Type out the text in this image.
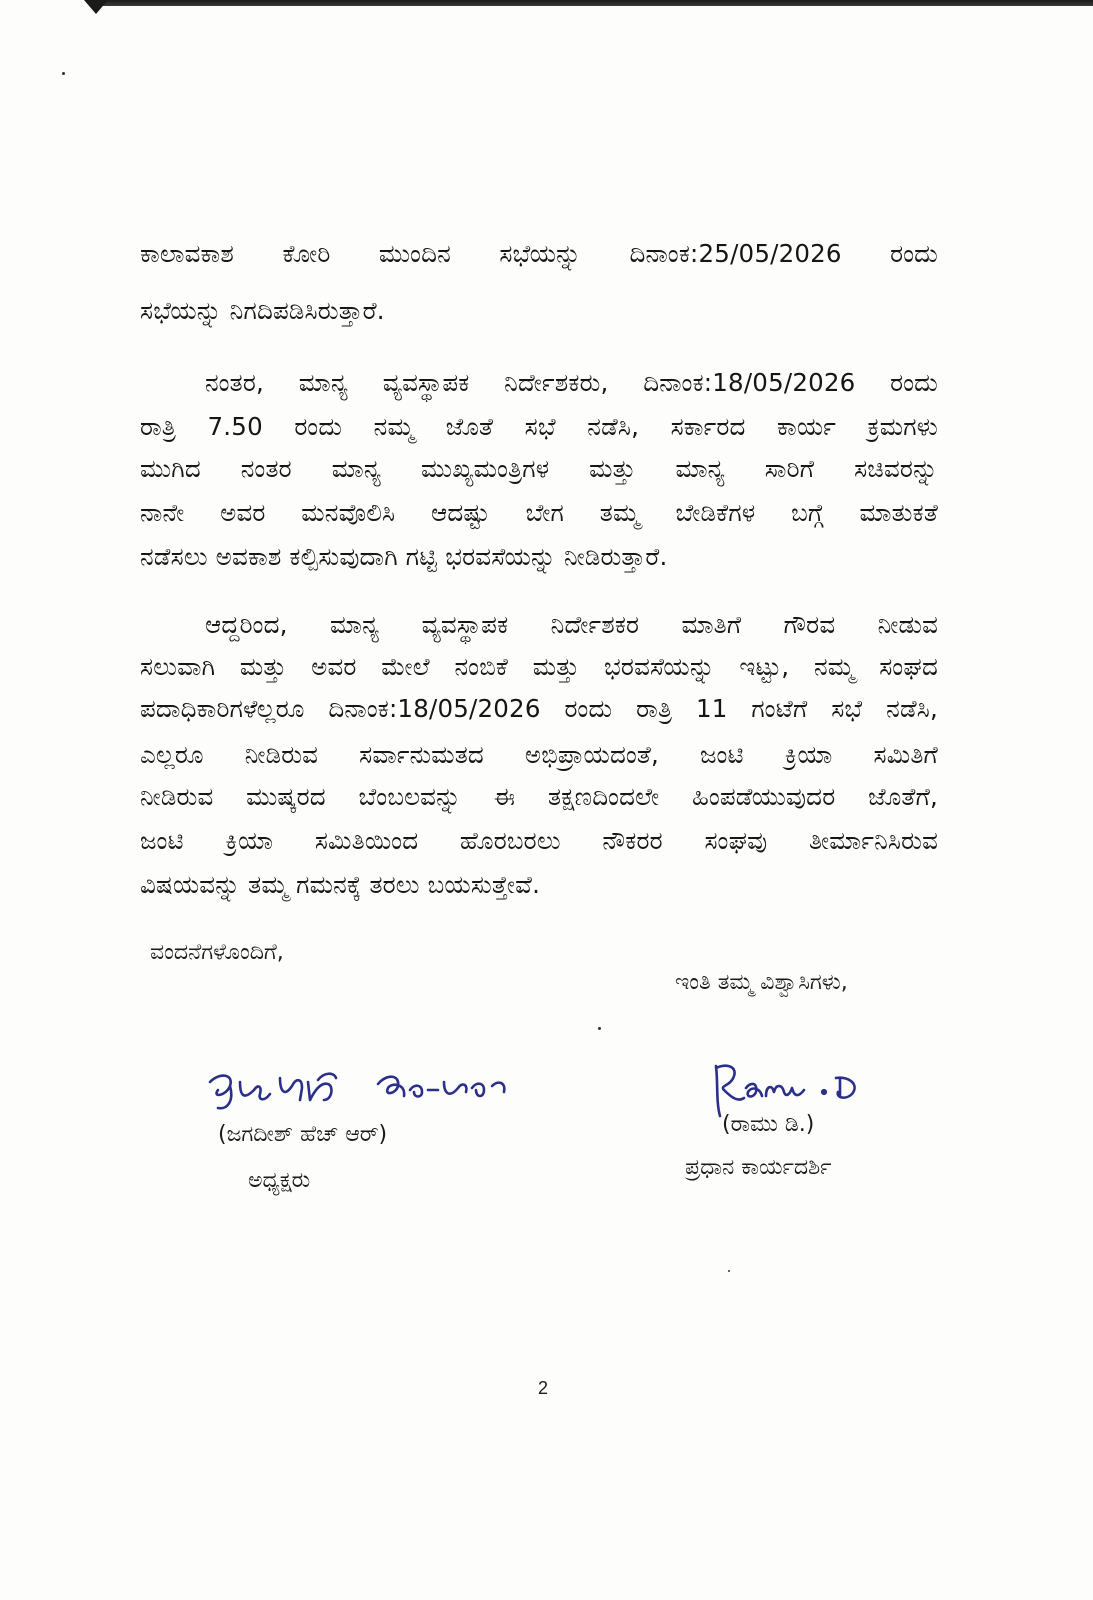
ಕಾಲಾವಕಾಶ ಕೋರಿ ಮುಂದಿನ ಸಭೆಯನ್ನು ದಿನಾಂಕ:25/05/2026 ರಂದು
ಸಭೆಯನ್ನು ನಿಗದಿಪಡಿಸಿರುತ್ತಾರೆ.
ನಂತರ, ಮಾನ್ಯ ವ್ಯವಸ್ಥಾಪಕ ನಿರ್ದೇಶಕರು, ದಿನಾಂಕ:18/05/2026 ರಂದು
ರಾತ್ರಿ 7.50 ರಂದು ನಮ್ಮ ಜೊತೆ ಸಭೆ ನಡೆಸಿ, ಸರ್ಕಾರದ ಕಾರ್ಯ ಕ್ರಮಗಳು
ಮುಗಿದ ನಂತರ ಮಾನ್ಯ ಮುಖ್ಯಮಂತ್ರಿಗಳ ಮತ್ತು ಮಾನ್ಯ ಸಾರಿಗೆ ಸಚಿವರನ್ನು
ನಾನೇ ಅವರ ಮನವೊಲಿಸಿ ಆದಷ್ಟು ಬೇಗ ತಮ್ಮ ಬೇಡಿಕೆಗಳ ಬಗ್ಗೆ ಮಾತುಕತೆ
ನಡೆಸಲು ಅವಕಾಶ ಕಲ್ಪಿಸುವುದಾಗಿ ಗಟ್ಟಿ ಭರವಸೆಯನ್ನು ನೀಡಿರುತ್ತಾರೆ.
ಆದ್ದರಿಂದ, ಮಾನ್ಯ ವ್ಯವಸ್ಥಾಪಕ ನಿರ್ದೇಶಕರ ಮಾತಿಗೆ ಗೌರವ ನೀಡುವ
ಸಲುವಾಗಿ ಮತ್ತು ಅವರ ಮೇಲೆ ನಂಬಿಕೆ ಮತ್ತು ಭರವಸೆಯನ್ನು ಇಟ್ಟು, ನಮ್ಮ ಸಂಘದ
ಪದಾಧಿಕಾರಿಗಳೆಲ್ಲರೂ ದಿನಾಂಕ:18/05/2026 ರಂದು ರಾತ್ರಿ 11 ಗಂಟೆಗೆ ಸಭೆ ನಡೆಸಿ,
ಎಲ್ಲರೂ ನೀಡಿರುವ ಸರ್ವಾನುಮತದ ಅಭಿಪ್ರಾಯದಂತೆ, ಜಂಟಿ ಕ್ರಿಯಾ ಸಮಿತಿಗೆ
ನೀಡಿರುವ ಮುಷ್ಕರದ ಬೆಂಬಲವನ್ನು ಈ ತಕ್ಷಣದಿಂದಲೇ ಹಿಂಪಡೆಯುವುದರ ಜೊತೆಗೆ,
ಜಂಟಿ ಕ್ರಿಯಾ ಸಮಿತಿಯಿಂದ ಹೊರಬರಲು ನೌಕರರ ಸಂಘವು ತೀರ್ಮಾನಿಸಿರುವ
ವಿಷಯವನ್ನು ತಮ್ಮ ಗಮನಕ್ಕೆ ತರಲು ಬಯಸುತ್ತೇವೆ.
ವಂದನೆಗಳೊಂದಿಗೆ,
ಇಂತಿ ತಮ್ಮ ವಿಶ್ವಾಸಿಗಳು,
(ಜಗದೀಶ್ ಹೆಚ್ ಆರ್)
ಅಧ್ಯಕ್ಷರು
(ರಾಮು ಡಿ.)
ಪ್ರಧಾನ ಕಾರ್ಯದರ್ಶಿ
2
